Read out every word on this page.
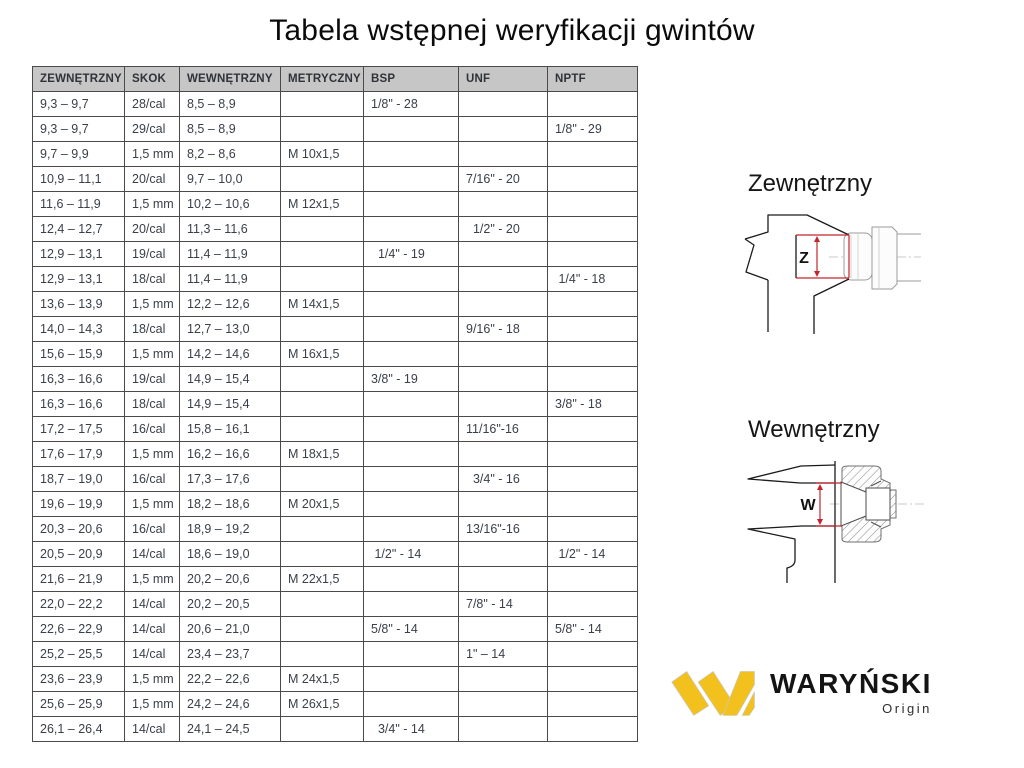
Tabela wstępnej weryfikacji gwintów
ZEWNĘTRZNY	SKOK	WEWNĘTRZNY	METRYCZNY	BSP	UNF	NPTF
9,3 – 9,7	28/cal	8,5 – 8,9		1/8" - 28		
9,3 – 9,7	29/cal	8,5 – 8,9				1/8" - 29
9,7 – 9,9	1,5 mm	8,2 – 8,6	M 10x1,5			
10,9 – 11,1	20/cal	9,7 – 10,0			7/16" - 20	
11,6 – 11,9	1,5 mm	10,2 – 10,6	M 12x1,5			
12,4 – 12,7	20/cal	11,3 – 11,6			1/2" - 20	
12,9 – 13,1	19/cal	11,4 – 11,9		1/4" - 19		
12,9 – 13,1	18/cal	11,4 – 11,9				1/4" - 18
13,6 – 13,9	1,5 mm	12,2 – 12,6	M 14x1,5			
14,0 – 14,3	18/cal	12,7 – 13,0			9/16" - 18	
15,6 – 15,9	1,5 mm	14,2 – 14,6	M 16x1,5			
16,3 – 16,6	19/cal	14,9 – 15,4		3/8" - 19		
16,3 – 16,6	18/cal	14,9 – 15,4				3/8" - 18
17,2 – 17,5	16/cal	15,8 – 16,1			11/16"-16	
17,6 – 17,9	1,5 mm	16,2 – 16,6	M 18x1,5			
18,7 – 19,0	16/cal	17,3 – 17,6			3/4" - 16	
19,6 – 19,9	1,5 mm	18,2 – 18,6	M 20x1,5			
20,3 – 20,6	16/cal	18,9 – 19,2			13/16"-16	
20,5 – 20,9	14/cal	18,6 – 19,0		1/2" - 14		1/2" - 14
21,6 – 21,9	1,5 mm	20,2 – 20,6	M 22x1,5			
22,0 – 22,2	14/cal	20,2 – 20,5			7/8" - 14	
22,6 – 22,9	14/cal	20,6 – 21,0		5/8" - 14		5/8" - 14
25,2 – 25,5	14/cal	23,4 – 23,7			1" – 14	
23,6 – 23,9	1,5 mm	22,2 – 22,6	M 24x1,5			
25,6 – 25,9	1,5 mm	24,2 – 24,6	M 26x1,5			
26,1 – 26,4	14/cal	24,1 – 24,5		3/4" - 14		
Zewnętrzny
Z
Wewnętrzny
W
WARYŃSKI
Origin
